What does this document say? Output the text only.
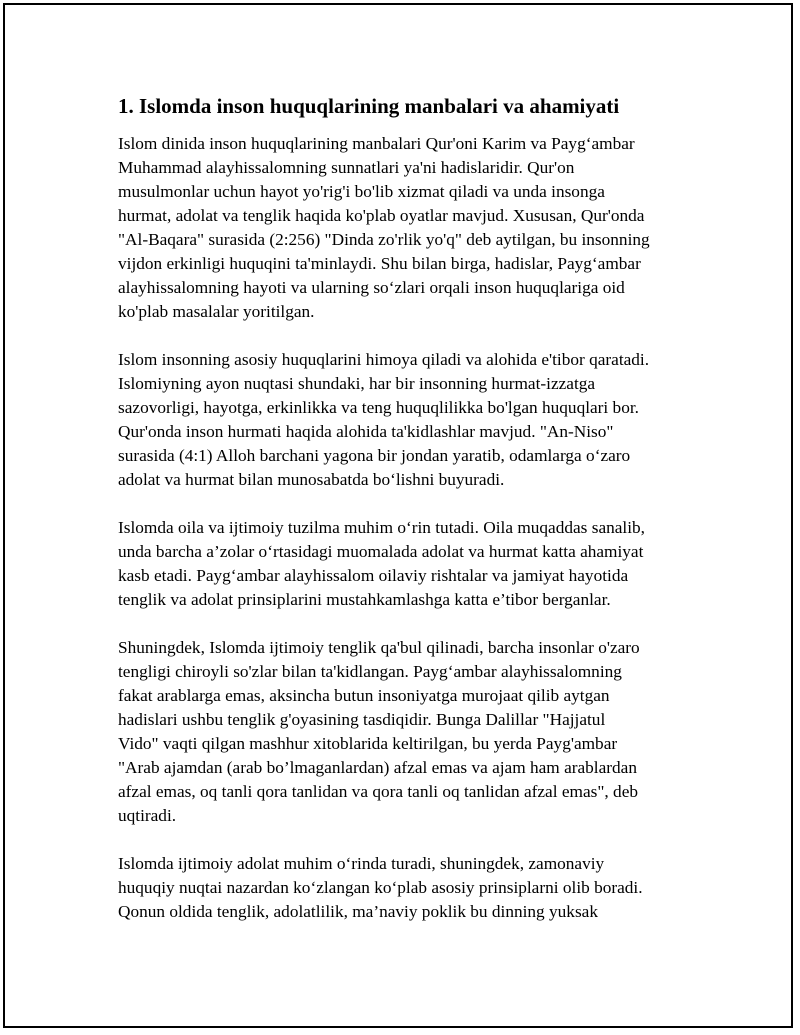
1. Islomda inson huquqlarining manbalari va ahamiyati

Islom dinida inson huquqlarining manbalari Qur'oni Karim va Payg‘ambar
Muhammad alayhissalomning sunnatlari ya'ni hadislaridir. Qur'on
musulmonlar uchun hayot yo'rig'i bo'lib xizmat qiladi va unda insonga
hurmat, adolat va tenglik haqida ko'plab oyatlar mavjud. Xususan, Qur'onda
"Al-Baqara" surasida (2:256) "Dinda zo'rlik yo'q" deb aytilgan, bu insonning
vijdon erkinligi huquqini ta'minlaydi. Shu bilan birga, hadislar, Payg‘ambar
alayhissalomning hayoti va ularning so‘zlari orqali inson huquqlariga oid
ko'plab masalalar yoritilgan.

Islom insonning asosiy huquqlarini himoya qiladi va alohida e'tibor qaratadi.
Islomiyning ayon nuqtasi shundaki, har bir insonning hurmat-izzatga
sazovorligi, hayotga, erkinlikka va teng huquqlilikka bo'lgan huquqlari bor.
Qur'onda inson hurmati haqida alohida ta'kidlashlar mavjud. "An-Niso"
surasida (4:1) Alloh barchani yagona bir jondan yaratib, odamlarga o‘zaro
adolat va hurmat bilan munosabatda bo‘lishni buyuradi.

Islomda oila va ijtimoiy tuzilma muhim o‘rin tutadi. Oila muqaddas sanalib,
unda barcha a’zolar o‘rtasidagi muomalada adolat va hurmat katta ahamiyat
kasb etadi. Payg‘ambar alayhissalom oilaviy rishtalar va jamiyat hayotida
tenglik va adolat prinsiplarini mustahkamlashga katta e’tibor berganlar.

Shuningdek, Islomda ijtimoiy tenglik qa'bul qilinadi, barcha insonlar o'zaro
tengligi chiroyli so'zlar bilan ta'kidlangan. Payg‘ambar alayhissalomning
fakat arablarga emas, aksincha butun insoniyatga murojaat qilib aytgan
hadislari ushbu tenglik g'oyasining tasdiqidir. Bunga Dalillar "Hajjatul
Vido" vaqti qilgan mashhur xitoblarida keltirilgan, bu yerda Payg'ambar
"Arab ajamdan (arab bo’lmaganlardan) afzal emas va ajam ham arablardan
afzal emas, oq tanli qora tanlidan va qora tanli oq tanlidan afzal emas", deb
uqtiradi.

Islomda ijtimoiy adolat muhim o‘rinda turadi, shuningdek, zamonaviy
huquqiy nuqtai nazardan ko‘zlangan ko‘plab asosiy prinsiplarni olib boradi.
Qonun oldida tenglik, adolatlilik, ma’naviy poklik bu dinning yuksak
